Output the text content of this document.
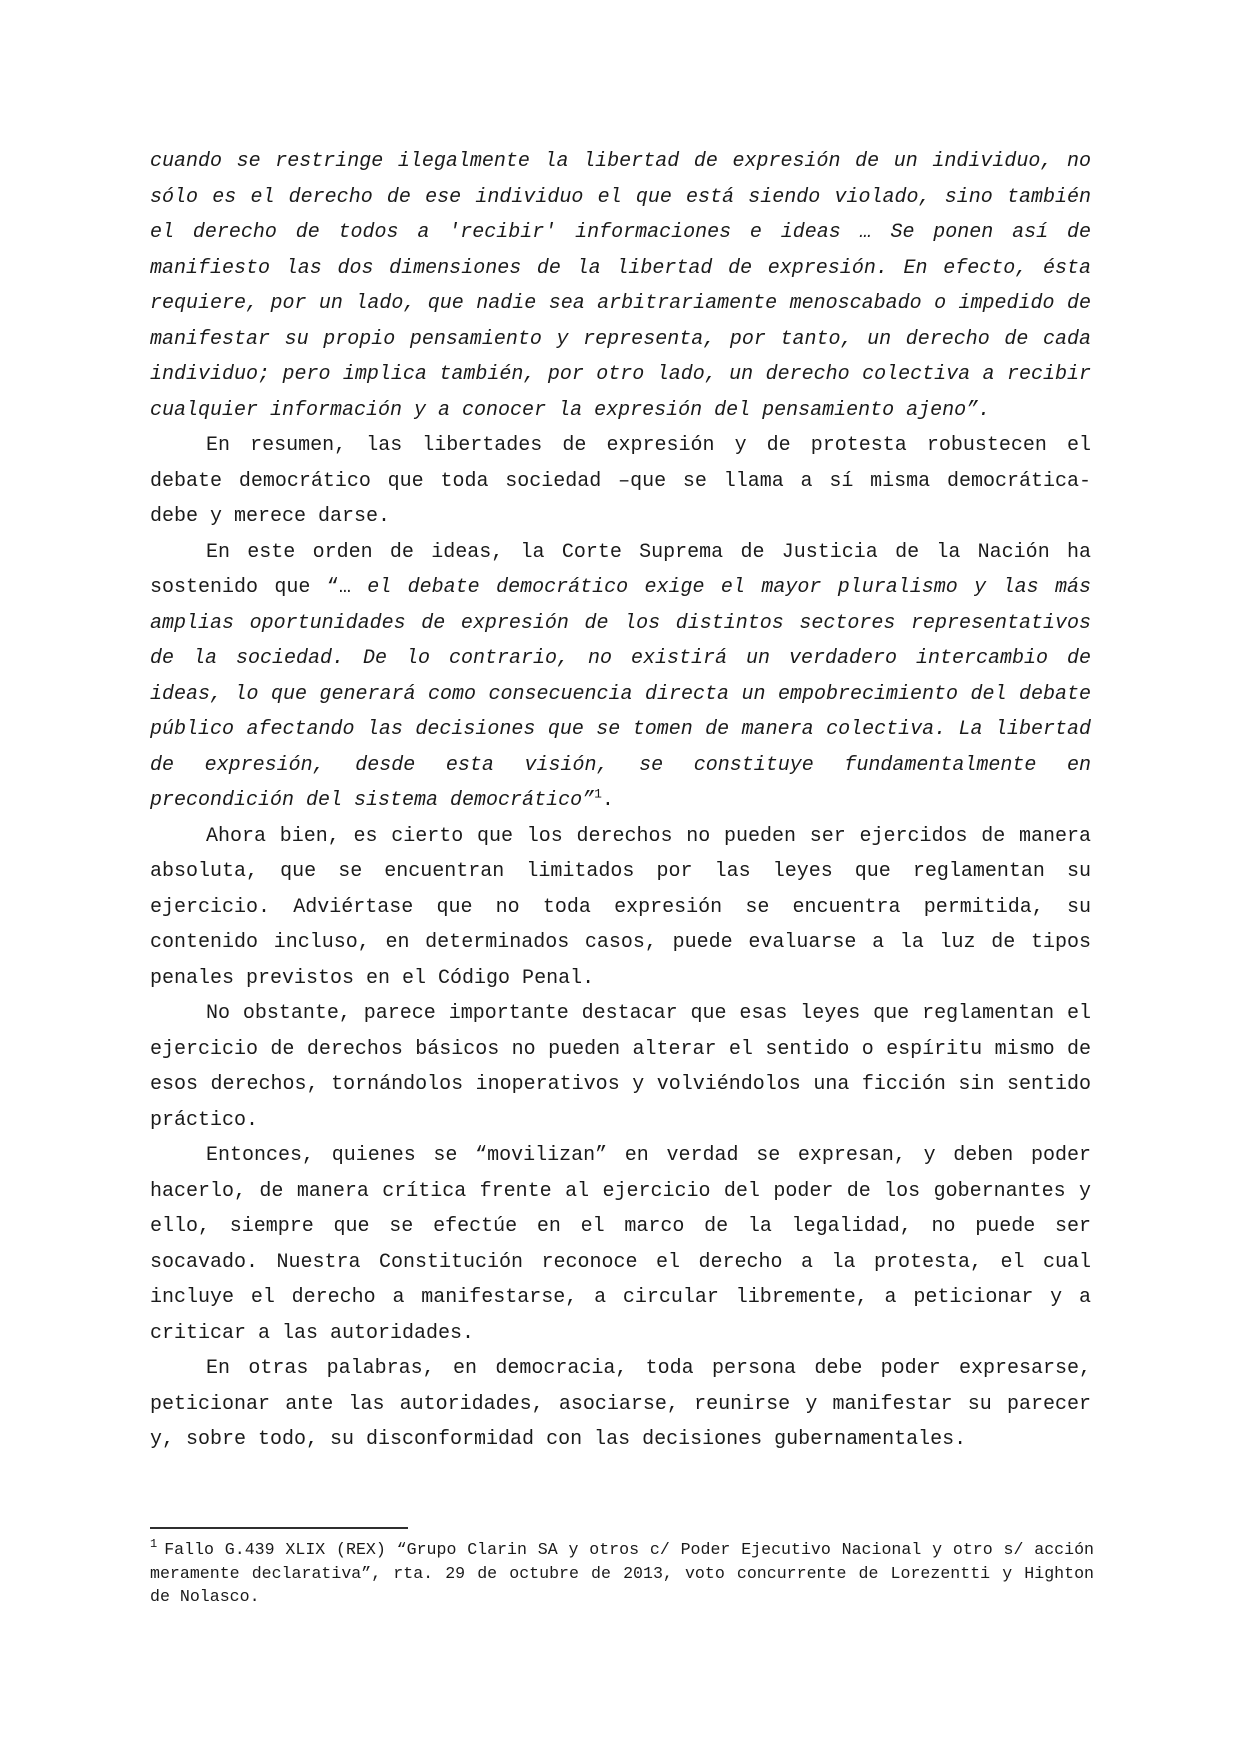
cuando se restringe ilegalmente la libertad de expresión de un individuo, no sólo es el derecho de ese individuo el que está siendo violado, sino también el derecho de todos a 'recibir' informaciones e ideas … Se ponen así de manifiesto las dos dimensiones de la libertad de expresión. En efecto, ésta requiere, por un lado, que nadie sea arbitrariamente menoscabado o impedido de manifestar su propio pensamiento y representa, por tanto, un derecho de cada individuo; pero implica también, por otro lado, un derecho colectiva a recibir cualquier información y a conocer la expresión del pensamiento ajeno”.

En resumen, las libertades de expresión y de protesta robustecen el debate democrático que toda sociedad –que se llama a sí misma democrática- debe y merece darse.

En este orden de ideas, la Corte Suprema de Justicia de la Nación ha sostenido que “… el debate democrático exige el mayor pluralismo y las más amplias oportunidades de expresión de los distintos sectores representativos de la sociedad. De lo contrario, no existirá un verdadero intercambio de ideas, lo que generará como consecuencia directa un empobrecimiento del debate público afectando las decisiones que se tomen de manera colectiva. La libertad de expresión, desde esta visión, se constituye fundamentalmente en precondición del sistema democrático”$^1$.

Ahora bien, es cierto que los derechos no pueden ser ejercidos de manera absoluta, que se encuentran limitados por las leyes que reglamentan su ejercicio. Adviértase que no toda expresión se encuentra permitida, su contenido incluso, en determinados casos, puede evaluarse a la luz de tipos penales previstos en el Código Penal.

No obstante, parece importante destacar que esas leyes que reglamentan el ejercicio de derechos básicos no pueden alterar el sentido o espíritu mismo de esos derechos, tornándolos inoperativos y volviéndolos una ficción sin sentido práctico.

Entonces, quienes se “movilizan” en verdad se expresan, y deben poder hacerlo, de manera crítica frente al ejercicio del poder de los gobernantes y ello, siempre que se efectúe en el marco de la legalidad, no puede ser socavado. Nuestra Constitución reconoce el derecho a la protesta, el cual incluye el derecho a manifestarse, a circular libremente, a peticionar y a criticar a las autoridades.

En otras palabras, en democracia, toda persona debe poder expresarse, peticionar ante las autoridades, asociarse, reunirse y manifestar su parecer y, sobre todo, su disconformidad con las decisiones gubernamentales.

$^1$ Fallo G.439 XLIX (REX) “Grupo Clarin SA y otros c/ Poder Ejecutivo Nacional y otro s/ acción meramente declarativa”, rta. 29 de octubre de 2013, voto concurrente de Lorezentti y Highton de Nolasco.
